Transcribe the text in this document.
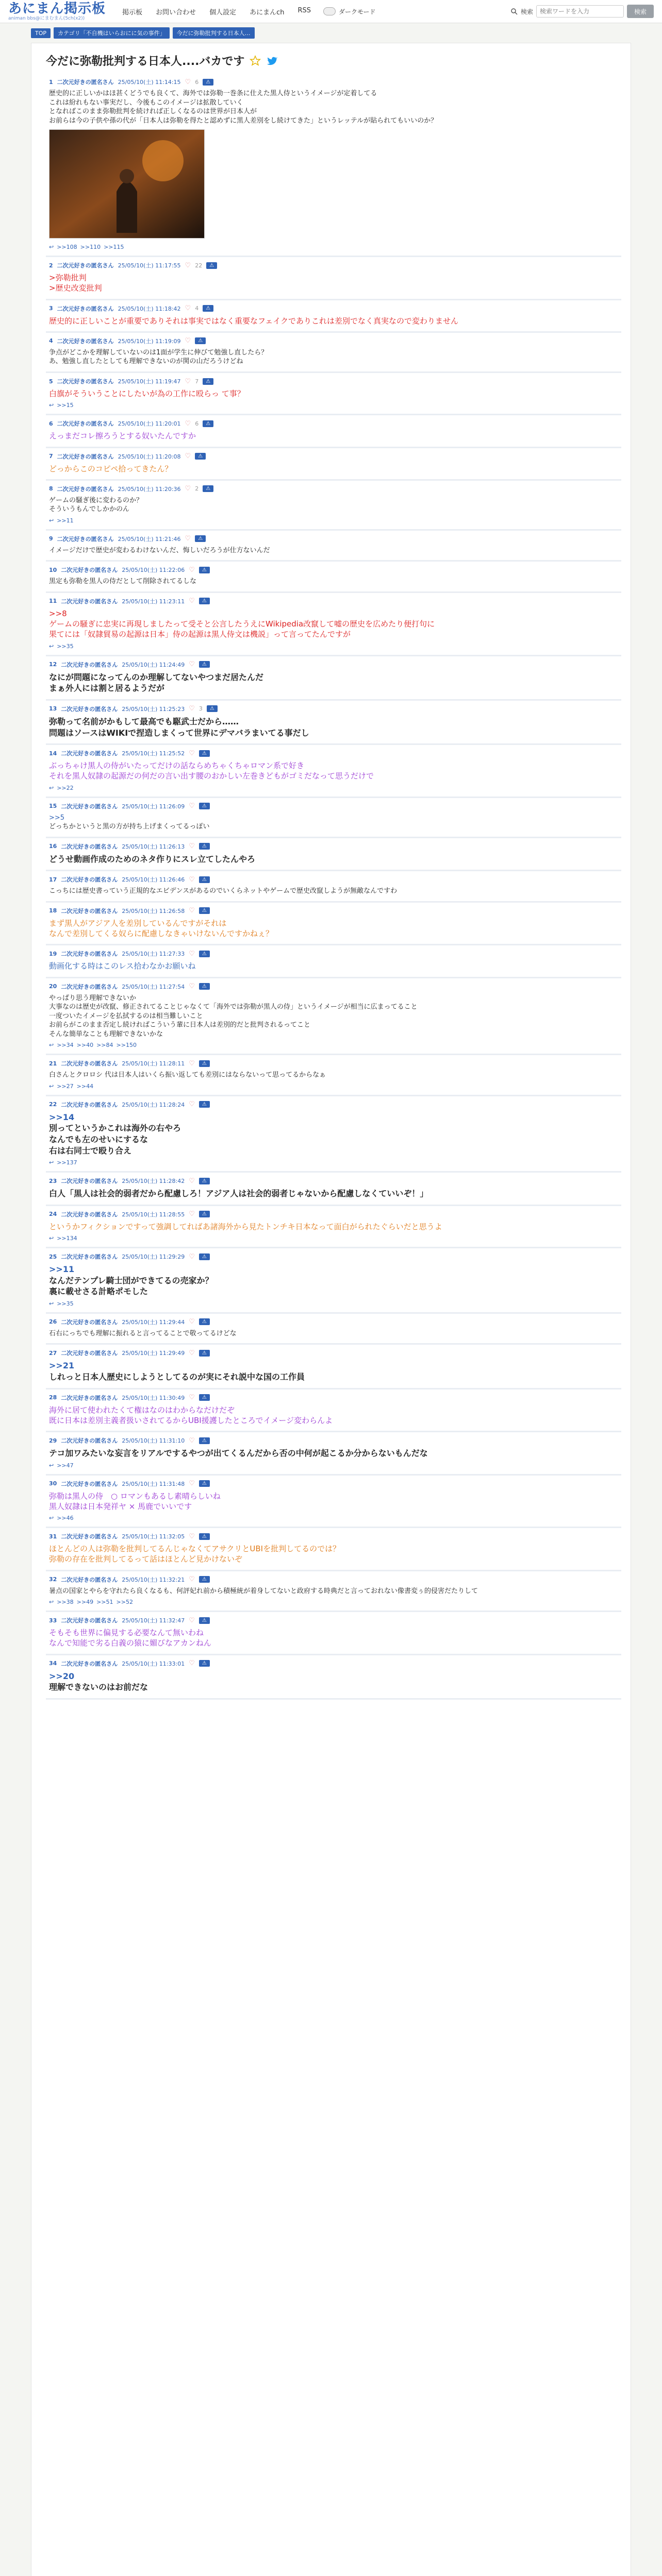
あにまん掲示板
animan bbs@にまむまん(5ch(x2))
掲示板 お問い合わせ 個人設定 あにまんch RSS	ダークモード	検索
検索ワードを入力	検索
TOP	カテゴリ「不自機はいらおにに気の事件」	今だに弥勒批判する日本人…
今だに弥勒批判する日本人....バカです
1 二次元好きの匿名さん 25/05/10(土) 11:14:15 ♡ 6	⚠
歴史的に正しいかはほ甚くどうでも良くて、海外では弥勒一巻条に仕えた黒人侍というイメージが定着してる
これは紛れもない事実だし、今後もこのイメージは拡散していく
となればこのまま弥勒批判を続ければ正しくなるのは世界が日本人が
お前らは今の子供や孫の代が「日本人は弥勒を得たと認めずに黒人差別をし続けてきた」というレッテルが貼られてもいいのか？
↩ >>108 >>110 >>115
2 二次元好きの匿名さん 25/05/10(土) 11:17:55 ♡ 22	⚠
>弥勒批判
>歴史改変批判
3 二次元好きの匿名さん 25/05/10(土) 11:18:42 ♡ 4	⚠
歴史的に正しいことが重要でありそれは事実ではなく重要なフェイクでありこれは差別でなく真実なので変わりません
4 二次元好きの匿名さん 25/05/10(土) 11:19:09 ♡	⚠
争点がどこかを理解していないのは1面が学生に伸びて勉強し直したら？
あ、勉強し直したとしても理解できないのが関の山だろうけどね
5 二次元好きの匿名さん 25/05/10(土) 11:19:47 ♡ 7	⚠
白旗がそういうことにしたいが為の工作に殴らっ て事？
↩ >>15
6 二次元好きの匿名さん 25/05/10(土) 11:20:01 ♡ 6	⚠
えっまだコレ擦ろうとする奴いたんですか
7 二次元好きの匿名さん 25/05/10(土) 11:20:08 ♡	⚠
どっからこのコピペ拾ってきたん？
8 二次元好きの匿名さん 25/05/10(土) 11:20:36 ♡ 2	⚠
ゲームの騒ぎ後に変わるのか？
そういうもんでしかかのん
↩ >>11
9 二次元好きの匿名さん 25/05/10(土) 11:21:46 ♡	⚠
イメージだけで歴史が変わるわけないんだ、悔しいだろうが仕方ないんだ
10 二次元好きの匿名さん 25/05/10(土) 11:22:06 ♡	⚠
黒定も弥勒を黒人の侍だとして削除されてるしな
11 二次元好きの匿名さん 25/05/10(土) 11:23:11 ♡	⚠
>>8
ゲームの騒ぎに忠実に再現しましたって受そと公言したうえにWikipedia改竄して嘘の歴史を広めたり便打句に
果てには「奴隷貿易の起源は日本」侍の起源は黒人侍文は機説」って言ってたんですが
↩ >>35
12 二次元好きの匿名さん 25/05/10(土) 11:24:49 ♡	⚠
なにが問題になってんのか理解してないやつまだ居たんだ
まぁ外人には割と居るようだが
13 二次元好きの匿名さん 25/05/10(土) 11:25:23 ♡ 3	⚠
弥勒って名前がかもして最高でも駆武士だから……
問題はソースはWIKIで捏造しまくって世界にデマバラまいてる事だし
14 二次元好きの匿名さん 25/05/10(土) 11:25:52 ♡	⚠
ぶっちゃけ黒人の侍がいたってだけの話ならめちゃくちゃロマン系で好き
それを黒人奴隷の起源だの何だの言い出す腰のおかしい左巻きどもがゴミだなって思うだけで
↩ >>22
15 二次元好きの匿名さん 25/05/10(土) 11:26:09 ♡	⚠
>>5
どっちかというと黒の方が持ち上げまくってるっぽい
16 二次元好きの匿名さん 25/05/10(土) 11:26:13 ♡	⚠
どうせ動画作成のためのネタ作りにスレ立てしたんやろ
17 二次元好きの匿名さん 25/05/10(土) 11:26:46 ♡	⚠
こっちには歴史書っていう正規的なエビデンスがあるのでいくらネットやゲームで歴史改竄しようが無敵なんですわ
18 二次元好きの匿名さん 25/05/10(土) 11:26:58 ♡	⚠
まず黒人がアジア人を差別しているんですがそれは
なんで差別してくる奴らに配慮しなきゃいけないんですかねぇ？
19 二次元好きの匿名さん 25/05/10(土) 11:27:33 ♡	⚠
動画化する時はこのレス拾わなかお願いね
20 二次元好きの匿名さん 25/05/10(土) 11:27:54 ♡	⚠
やっぱり思う理解できないか
大事なのは歴史が改竄、修正されてることじゃなくて「海外では弥勒が黒人の侍」というイメージが相当に広まってること
一度ついたイメージを払拭するのは相当難しいこと
お前らがこのまま否定し続ければこういう輩に日本人は差別的だと批判されるってこと
そんな簡単なことも理解できないかな
↩ >>34 >>40 >>84 >>150
21 二次元好きの匿名さん 25/05/10(土) 11:28:11 ♡	⚠
白さんとクロロシ 代は日本人はいくら振い返しても差別にはならないって思ってるからなぁ
↩ >>27 >>44
22 二次元好きの匿名さん 25/05/10(土) 11:28:24 ♡	⚠
>>14
別ってというかこれは海外の右やろ
なんでも左のせいにするな
右は右同士で殴り合え
↩ >>137
23 二次元好きの匿名さん 25/05/10(土) 11:28:42 ♡	⚠
白人「黒人は社会的弱者だから配慮しろ！アジア人は社会的弱者じゃないから配慮しなくていいぞ！」
24 二次元好きの匿名さん 25/05/10(土) 11:28:55 ♡	⚠
というかフィクションですって強調してればあ諸海外から見たトンチキ日本なって面白がられたぐらいだと思うよ
↩ >>134
25 二次元好きの匿名さん 25/05/10(土) 11:29:29 ♡	⚠
>>11
なんだテンプレ騎士団ができてるの売家か？
裏に載せさる計略ポモした
↩ >>35
26 二次元好きの匿名さん 25/05/10(土) 11:29:44 ♡	⚠
石右にっちでも理解に振れると言ってることで敬ってるけどな
27 二次元好きの匿名さん 25/05/10(土) 11:29:49 ♡	⚠
>>21
しれっと日本人歴史にしようとしてるのが実にそれ説中な国の工作員
28 二次元好きの匿名さん 25/05/10(土) 11:30:49 ♡	⚠
海外に居て使われたくて権はなのはわからなだけだぞ
既に日本は差別主義者扱いされてるからUBI援護したところでイメージ変わらんよ
29 二次元好きの匿名さん 25/05/10(土) 11:31:10 ♡	⚠
テコ加ワみたいな妄言をリアルでするやつが出てくるんだから否の中何が起こるか分からないもんだな
↩ >>47
30 二次元好きの匿名さん 25/05/10(土) 11:31:48 ♡	⚠
弥勒は黒人の侍　○ ロマンもあるし素晴らしいね
黒人奴隷は日本発祥ヤ × 馬鹿でいいです
↩ >>46
31 二次元好きの匿名さん 25/05/10(土) 11:32:05 ♡	⚠
ほとんどの人は弥勒を批判してるんじゃなくてアサクリとUBIを批判してるのでは？
弥勒の存在を批判してるって話はほとんど見かけないぞ
32 二次元好きの匿名さん 25/05/10(土) 11:32:21 ♡	⚠
暑点の国家とやらを守れたら良くなるも、何評妃れ前から積極統が着身してないと政府する時典だと言っておれない像書変ぅ的侵害だたりして
↩ >>38 >>49 >>51 >>52
33 二次元好きの匿名さん 25/05/10(土) 11:32:47 ♡	⚠
そもそも世界に偏見する必要なんて無いわね
なんで知能で劣る白義の猿に媚びなアカンねん
34 二次元好きの匿名さん 25/05/10(土) 11:33:01 ♡	⚠
>>20
理解できないのはお前だな
